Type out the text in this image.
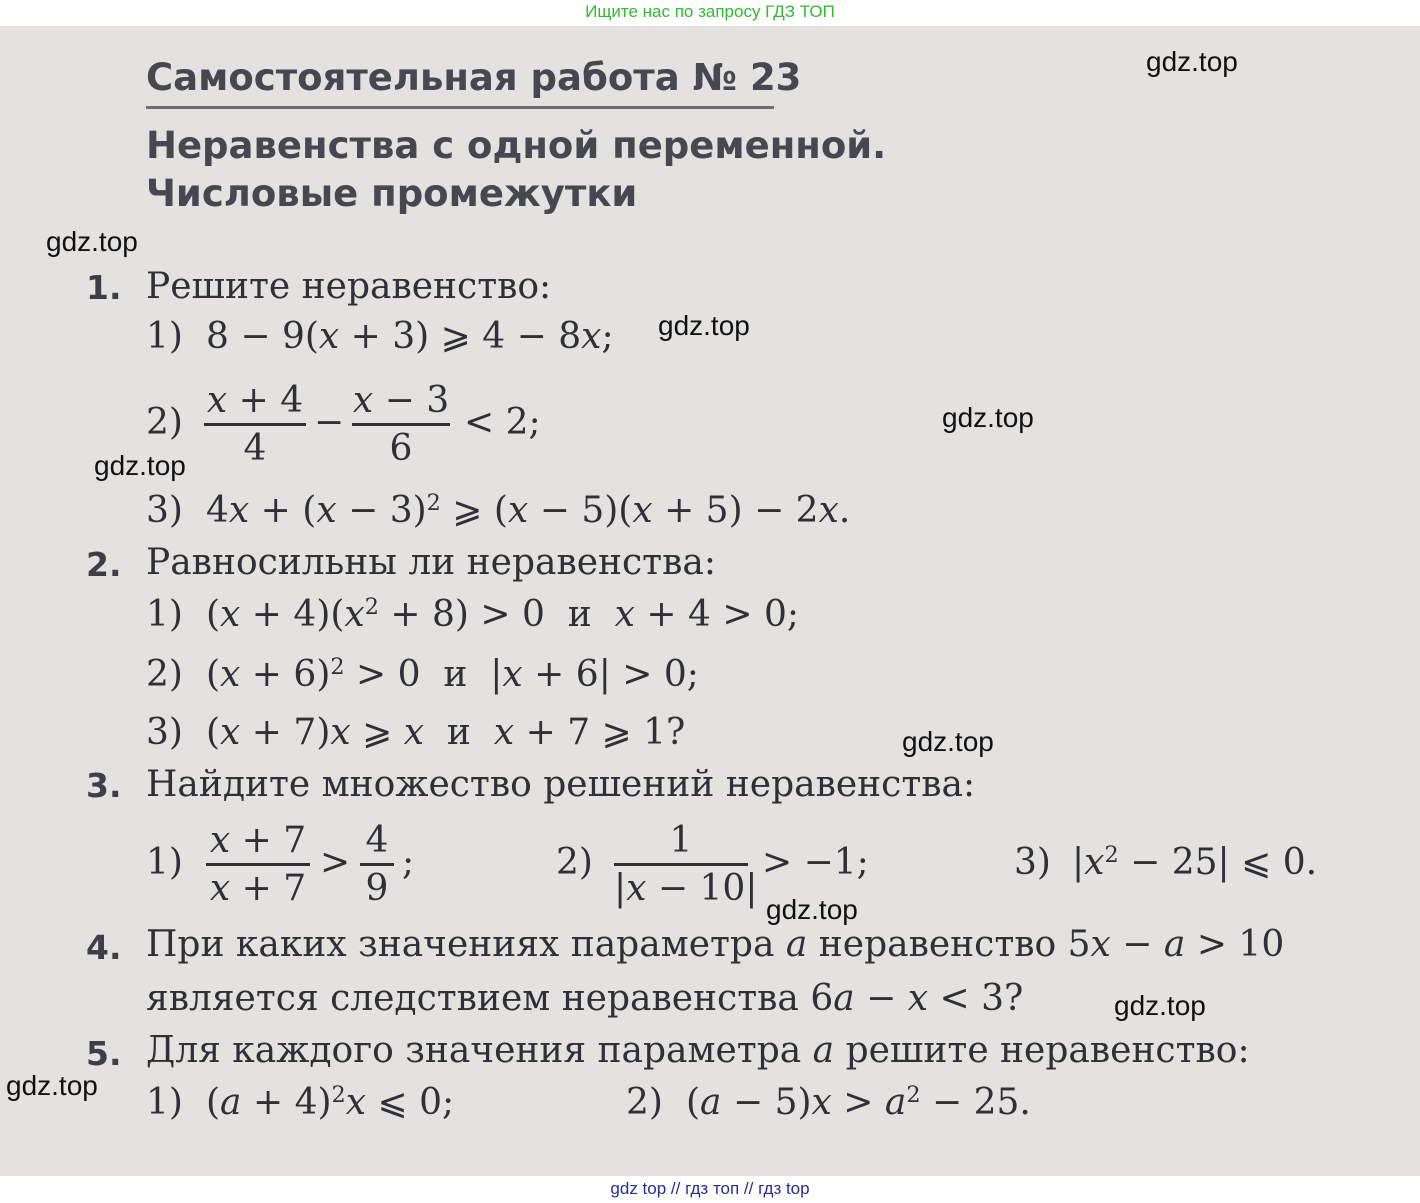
Ищите нас по запросу ГДЗ ТОП
gdz.top
gdz.top
gdz.top
gdz.top
gdz.top
gdz.top
gdz.top
gdz.top
gdz.top
Самостоятельная работа № 23
Неравенства с одной переменной.
Числовые промежутки
1. Решите неравенство:
1) 8 − 9(x + 3) ⩾ 4 − 8x;
2)
x + 4
4
−
x − 3
6
< 2;
3) $4x + (x - 3)^2$ ⩾ (x − 5)(x + 5) − 2x.
2. Равносильны ли неравенства:
1) $(x + 4)(x^2 + 8) > 0$  и  x + 4 > 0;
2) $(x + 6)^2 > 0$  и  |x + 6| > 0;
3) (x + 7)x ⩾ x  и  x + 7 ⩾ 1?
3. Найдите множество решений неравенства:
1)
x + 7
x + 7
>
4
9
;	2)
1
|x − 10|
> −1;	3) $|x^2 - 25|$ ⩽ 0.
4. При каких значениях параметра a неравенство 5x − a > 10
является следствием неравенства 6a − x < 3?
5. Для каждого значения параметра a решите неравенство:
1) $(a + 4)^2x$ ⩽ 0;	2) $(a - 5)x > a^2 - 25$.
gdz top // гдз топ // гдз top
